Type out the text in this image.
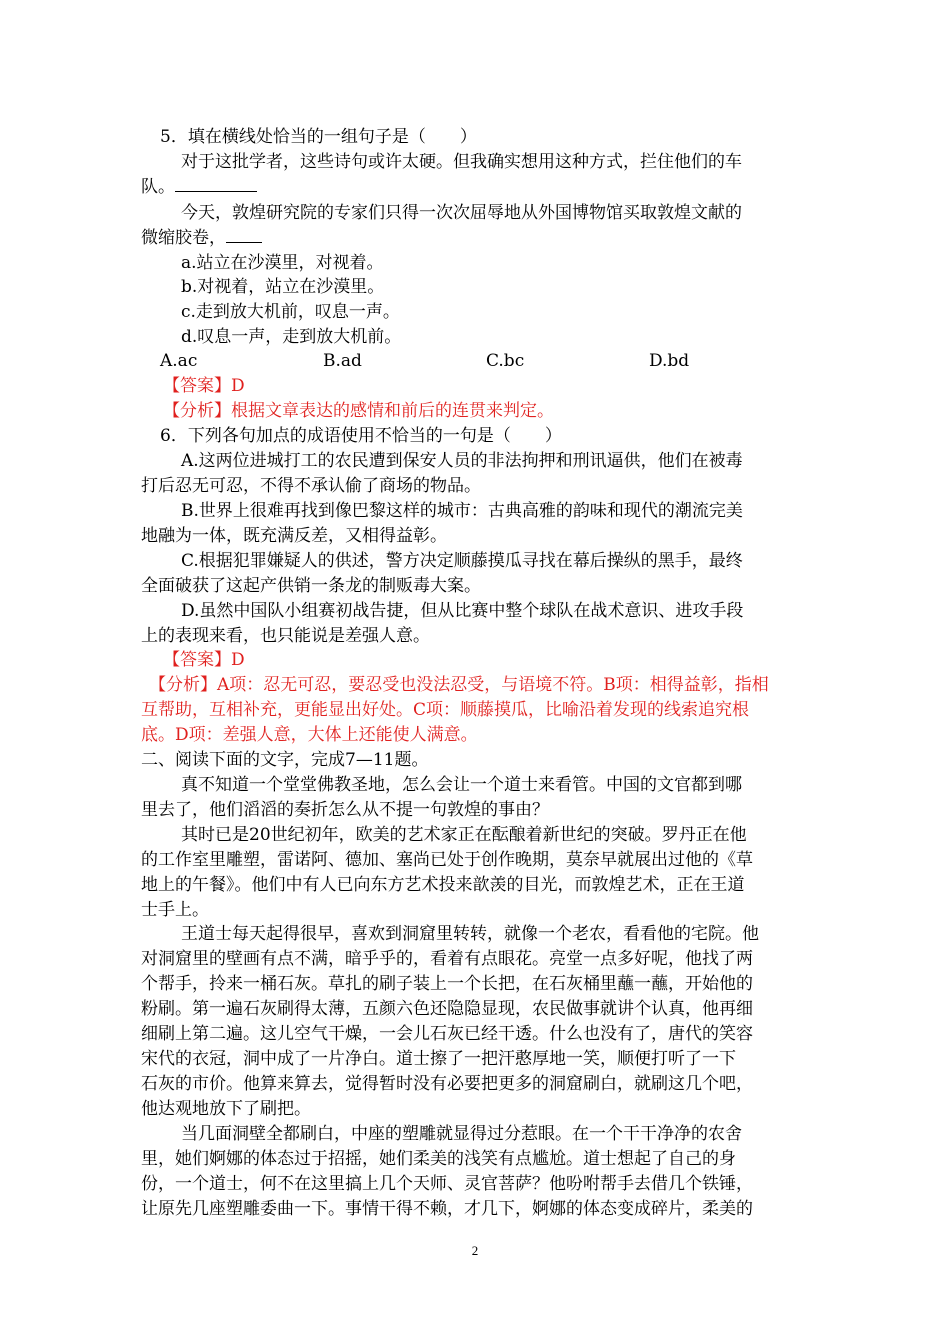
5．填在横线处恰当的一组句子是（　　）
对于这批学者，这些诗句或许太硬。但我确实想用这种方式，拦住他们的车
队。
今天，敦煌研究院的专家们只得一次次屈辱地从外国博物馆买取敦煌文献的
微缩胶卷，
a.站立在沙漠里，对视着。
b.对视着，站立在沙漠里。
c.走到放大机前，叹息一声。
d.叹息一声，走到放大机前。
A.ac	B.ad	C.bc	D.bd
【答案】D
【分析】根据文章表达的感情和前后的连贯来判定。
6．下列各句加点的成语使用不恰当的一句是（　　）
A.这两位进城打工的农民遭到保安人员的非法拘押和刑讯逼供，他们在被毒
打后忍无可忍，不得不承认偷了商场的物品。
B.世界上很难再找到像巴黎这样的城市：古典高雅的韵味和现代的潮流完美
地融为一体，既充满反差，又相得益彰。
C.根据犯罪嫌疑人的供述，警方决定顺藤摸瓜寻找在幕后操纵的黑手，最终
全面破获了这起产供销一条龙的制贩毒大案。
D.虽然中国队小组赛初战告捷，但从比赛中整个球队在战术意识、进攻手段
上的表现来看，也只能说是差强人意。
【答案】D
【分析】A项：忍无可忍，要忍受也没法忍受，与语境不符。B项：相得益彰，指相
互帮助，互相补充，更能显出好处。C项：顺藤摸瓜，比喻沿着发现的线索追究根
底。D项：差强人意，大体上还能使人满意。
二、阅读下面的文字，完成7—11题。
真不知道一个堂堂佛教圣地，怎么会让一个道士来看管。中国的文官都到哪
里去了，他们滔滔的奏折怎么从不提一句敦煌的事由？
其时已是20世纪初年，欧美的艺术家正在酝酿着新世纪的突破。罗丹正在他
的工作室里雕塑，雷诺阿、德加、塞尚已处于创作晚期，莫奈早就展出过他的《草
地上的午餐》。他们中有人已向东方艺术投来歆羡的目光，而敦煌艺术，正在王道
士手上。
王道士每天起得很早，喜欢到洞窟里转转，就像一个老农，看看他的宅院。他
对洞窟里的壁画有点不满，暗乎乎的，看着有点眼花。亮堂一点多好呢，他找了两
个帮手，拎来一桶石灰。草扎的刷子装上一个长把，在石灰桶里蘸一蘸，开始他的
粉刷。第一遍石灰刷得太薄，五颜六色还隐隐显现，农民做事就讲个认真，他再细
细刷上第二遍。这儿空气干燥，一会儿石灰已经干透。什么也没有了，唐代的笑容
宋代的衣冠，洞中成了一片净白。道士擦了一把汗憨厚地一笑，顺便打听了一下
石灰的市价。他算来算去，觉得暂时没有必要把更多的洞窟刷白，就刷这几个吧，
他达观地放下了刷把。
当几面洞壁全都刷白，中座的塑雕就显得过分惹眼。在一个干干净净的农舍
里，她们婀娜的体态过于招摇，她们柔美的浅笑有点尴尬。道士想起了自己的身
份，一个道士，何不在这里搞上几个天师、灵官菩萨？他吩咐帮手去借几个铁锤，
让原先几座塑雕委曲一下。事情干得不赖，才几下，婀娜的体态变成碎片，柔美的
2
